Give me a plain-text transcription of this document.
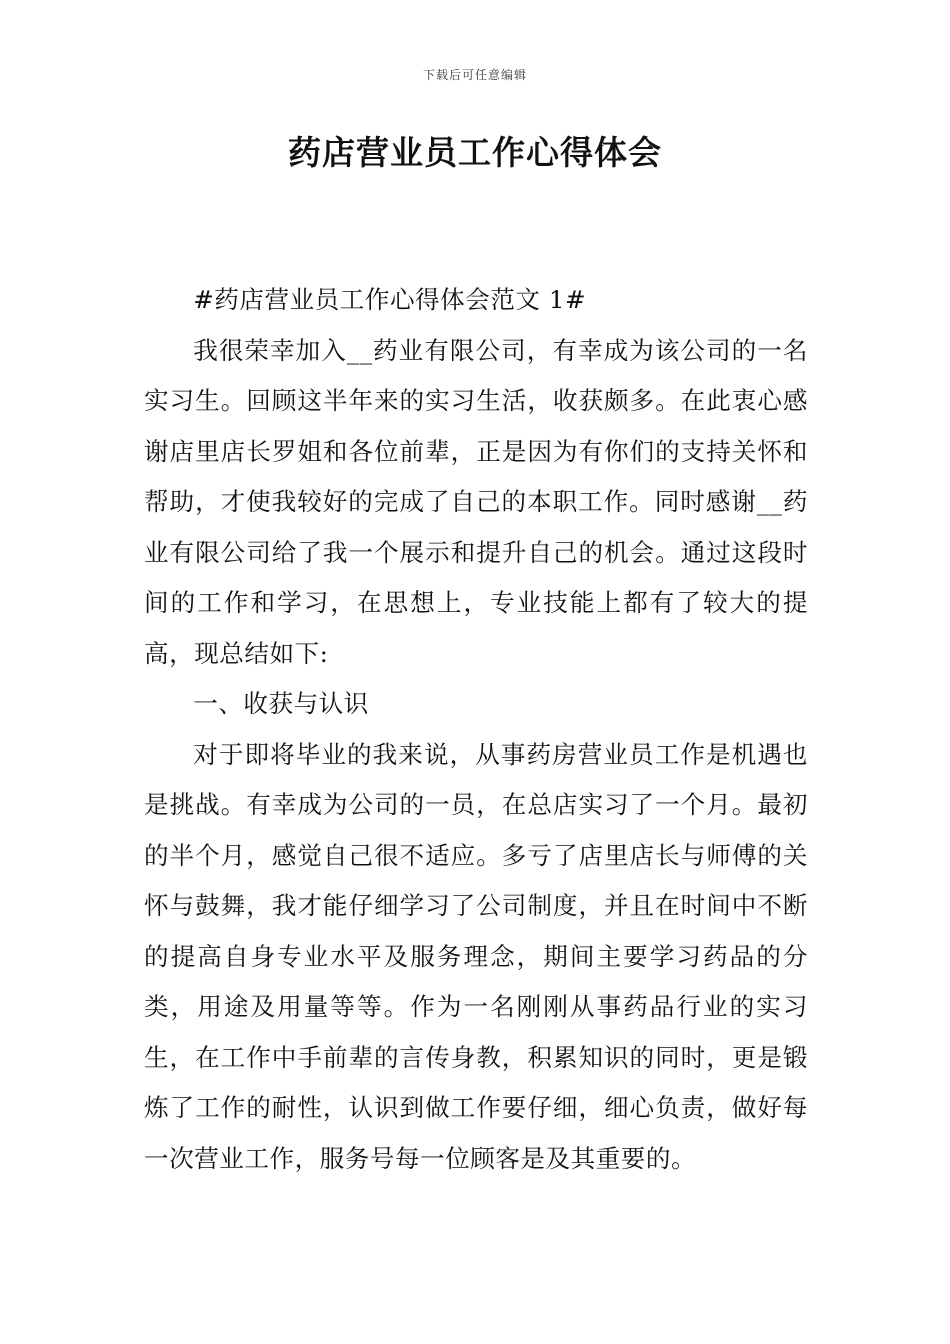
下载后可任意编辑
药店营业员工作心得体会

#药店营业员工作心得体会范文 1#

我很荣幸加入__药业有限公司，有幸成为该公司的一名实习生。回顾这半年来的实习生活，收获颇多。在此衷心感谢店里店长罗姐和各位前辈，正是因为有你们的支持关怀和帮助，才使我较好的完成了自己的本职工作。同时感谢__药业有限公司给了我一个展示和提升自己的机会。通过这段时间的工作和学习，在思想上，专业技能上都有了较大的提高，现总结如下:

一、收获与认识

对于即将毕业的我来说，从事药房营业员工作是机遇也是挑战。有幸成为公司的一员，在总店实习了一个月。最初的半个月，感觉自己很不适应。多亏了店里店长与师傅的关怀与鼓舞，我才能仔细学习了公司制度，并且在时间中不断的提高自身专业水平及服务理念，期间主要学习药品的分类，用途及用量等等。作为一名刚刚从事药品行业的实习生，在工作中手前辈的言传身教，积累知识的同时，更是锻炼了工作的耐性，认识到做工作要仔细，细心负责，做好每一次营业工作，服务号每一位顾客是及其重要的。
